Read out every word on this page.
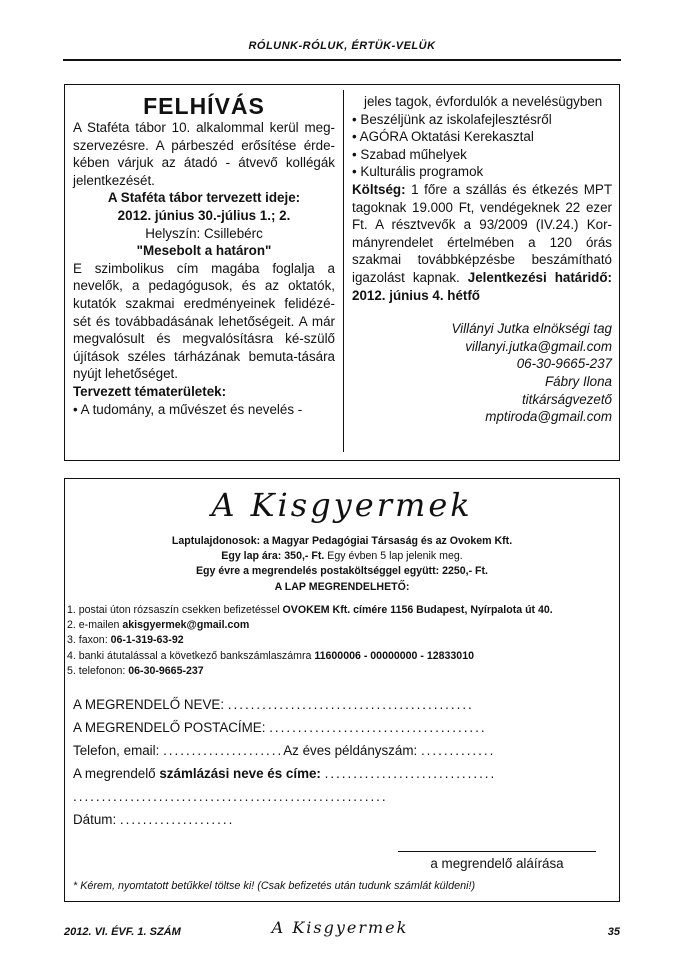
RÓLUNK-RÓLUK, ÉRTÜK-VELÜK
FELHÍVÁS
A Staféta tábor 10. alkalommal kerül meg-szervezésre. A párbeszéd erősítése érde-kében várjuk az átadó - átvevő kollégák jelentkezését.
A Staféta tábor tervezett ideje:
2012. június 30.-július 1.; 2.
Helyszín: Csillebérc
"Mesebolt a határon"
E szimbolikus cím magába foglalja a nevelők, a pedagógusok, és az oktatók, kutatók szakmai eredményeinek felidézé-sét és továbbadásának lehetőségeit. A már megvalósult és megvalósításra ké-szülő újítások széles tárházának bemuta-tására nyújt lehetőséget.
Tervezett tématerületek:
• A tudomány, a művészet és nevelés -
jeles tagok, évfordulók a nevelésügyben
• Beszéljünk az iskolafejlesztésről
• AGÓRA Oktatási Kerekasztal
• Szabad műhelyek
• Kulturális programok
Költség: 1 főre a szállás és étkezés MPT tagoknak 19.000 Ft, vendégeknek 22 ezer Ft. A résztvevők a 93/2009 (IV.24.) Kor-mányrendelet értelmében a 120 órás szakmai továbbképzésbe beszámítható igazolást kapnak. Jelentkezési határidő: 2012. június 4. hétfő
Villányi Jutka elnökségi tag
villanyi.jutka@gmail.com
06-30-9665-237
Fábry Ilona
titkárságvezető
mptiroda@gmail.com
A Kisgyermek
Laptulajdonosok: a Magyar Pedagógiai Társaság és az Ovokem Kft.
Egy lap ára: 350,- Ft. Egy évben 5 lap jelenik meg.
Egy évre a megrendelés postaköltséggel együtt: 2250,- Ft.
A LAP MEGRENDELHETŐ:
1. postai úton rózsaszín csekken befizetéssel OVOKEM Kft. címére 1156 Budapest, Nyírpalota út 40.
2. e-mailen akisgyermek@gmail.com
3. faxon: 06-1-319-63-92
4. banki átutalással a következő bankszámlaszámra 11600006 - 00000000 - 12833010
5. telefonon: 06-30-9665-237
A MEGRENDELŐ NEVE: ...........................................
A MEGRENDELŐ POSTACÍME: ......................................
Telefon, email: .....................Az éves példányszám: .............
A megrendelő számlázási neve és címe: ..............................
.......................................................
Dátum: ....................
a megrendelő aláírása
* Kérem, nyomtatott betűkkel töltse ki! (Csak befizetés után tudunk számlát küldeni!)
2012. VI. ÉVF. 1. SZÁM	A Kisgyermek	35
